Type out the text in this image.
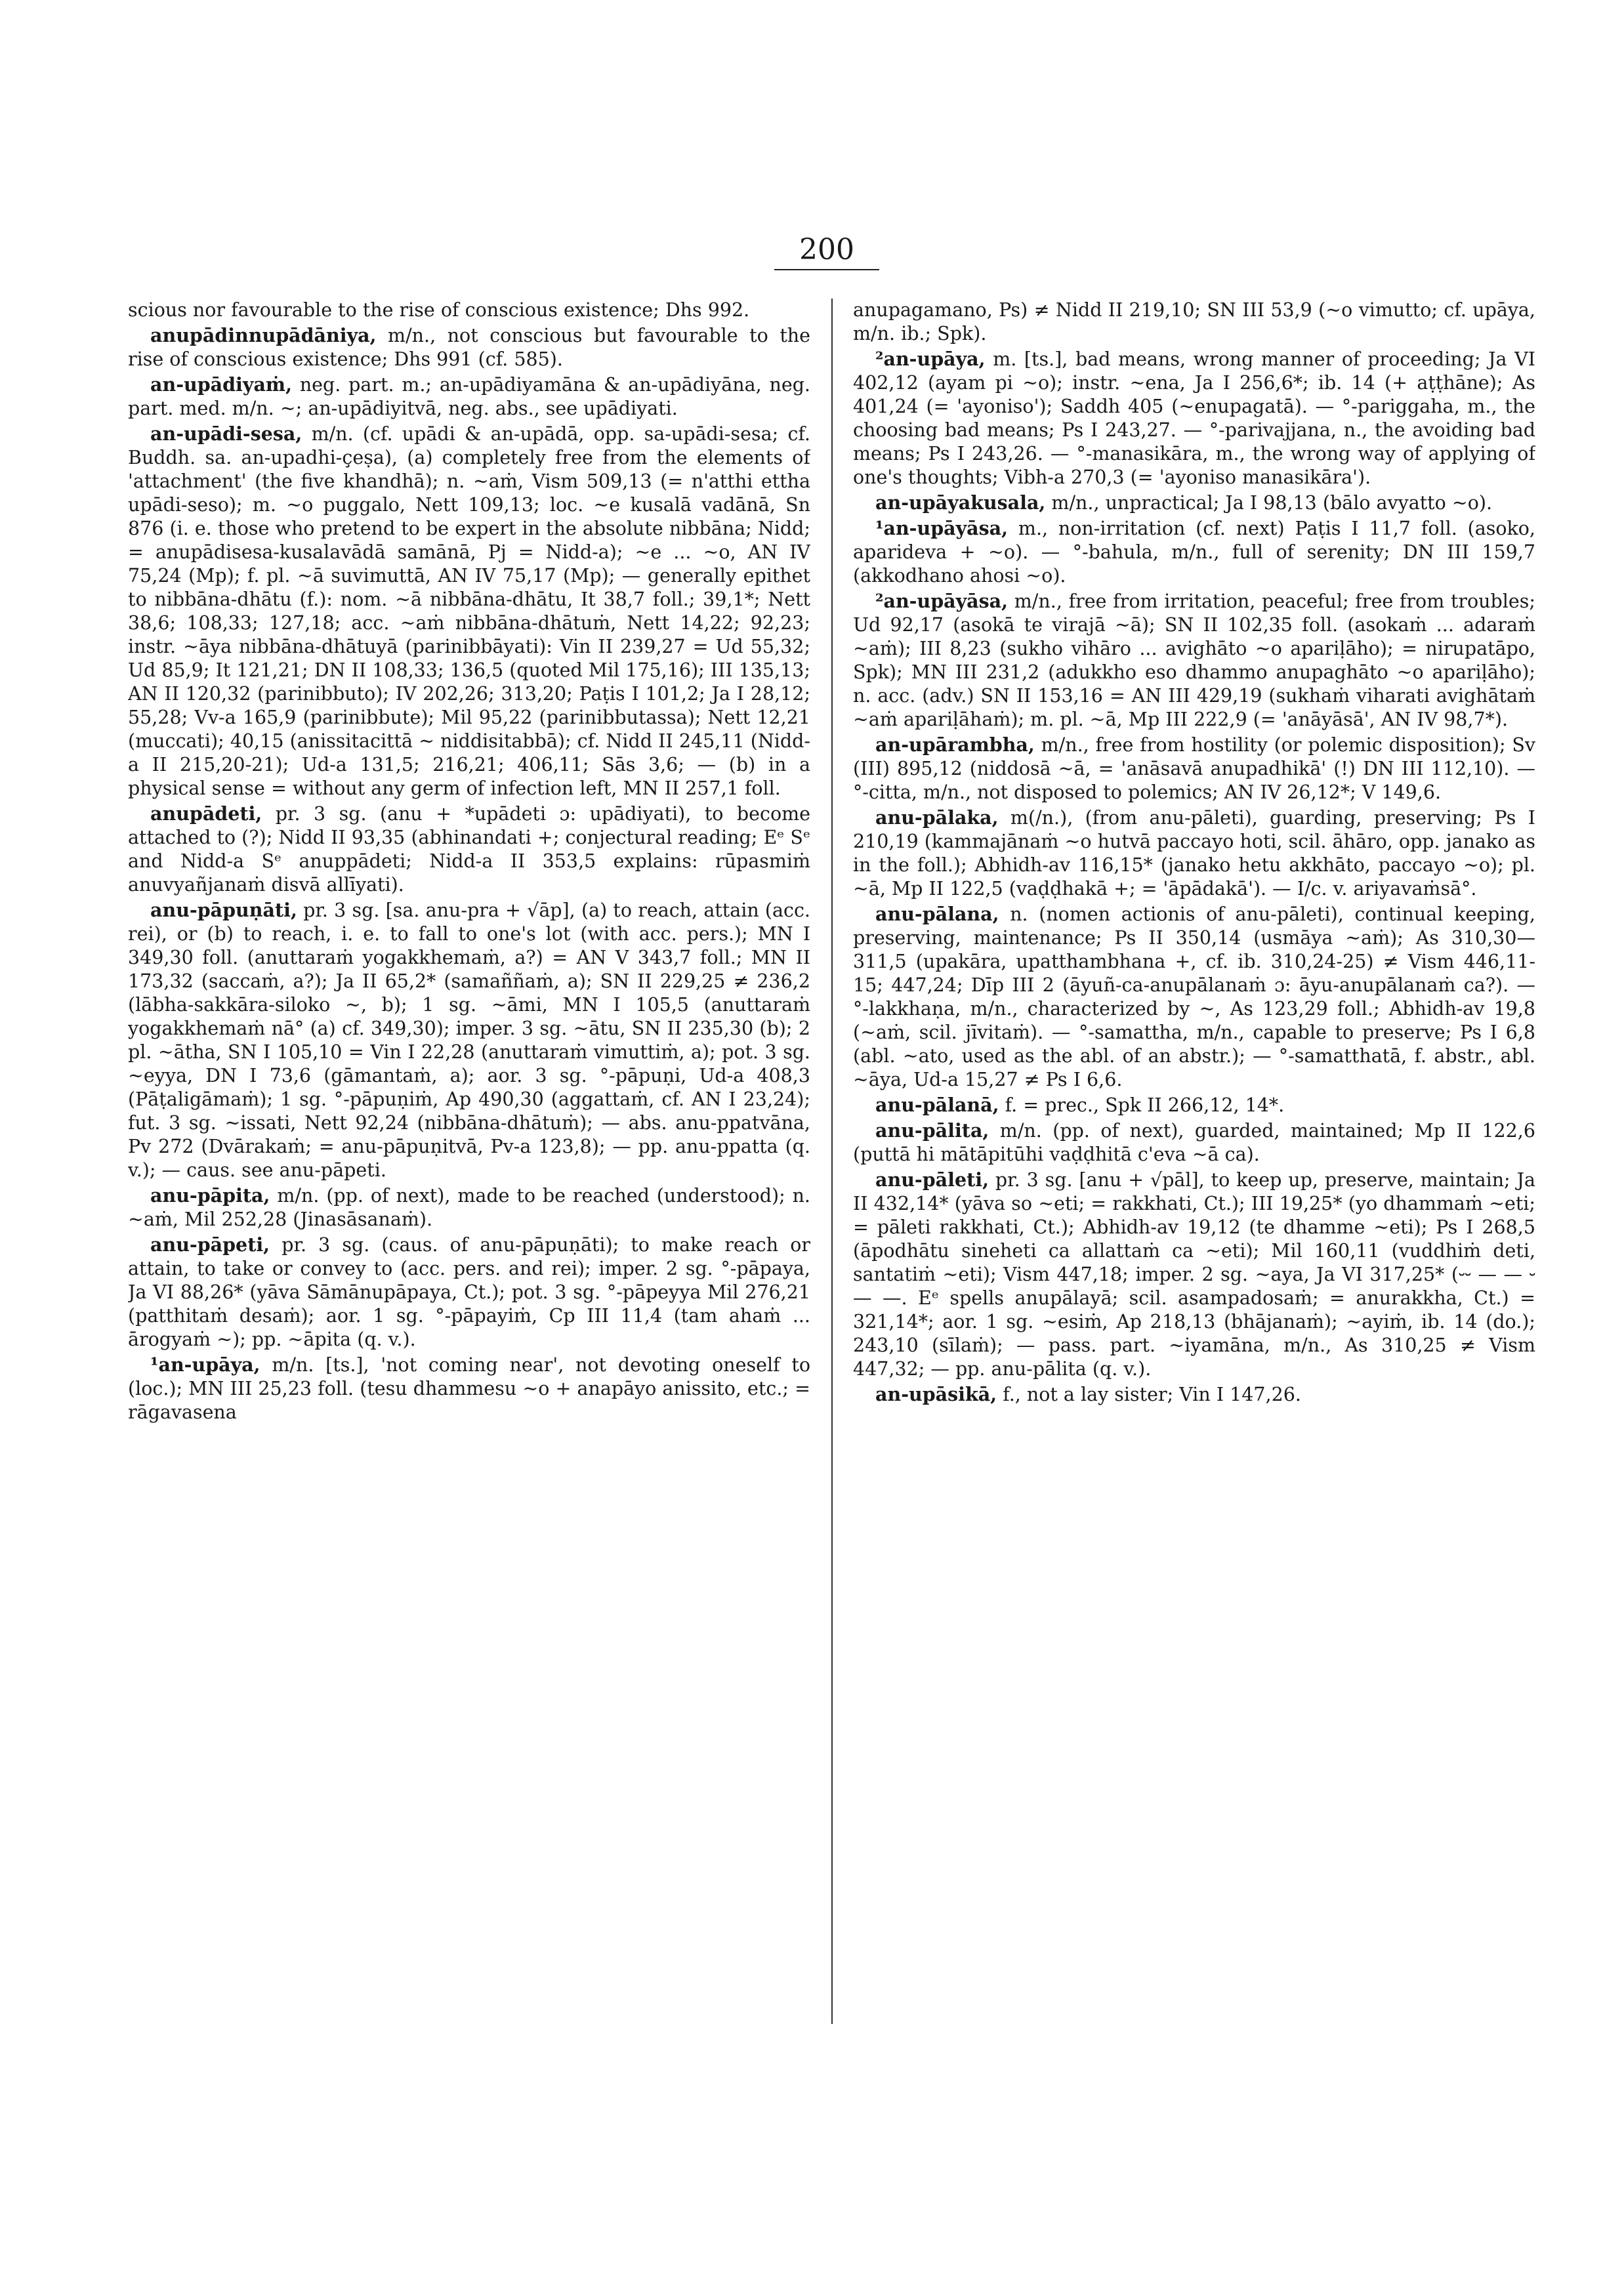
200

scious nor favourable to the rise of conscious existence; Dhs 992.

anupādinnupādāniya, m/n., not conscious but favourable to the rise of conscious existence; Dhs 991 (cf. 585).

an-upādiyaṁ, neg. part. m.; an-upādiyamāna & an-upādiyāna, neg. part. med. m/n. ~; an-upādiyitvā, neg. abs., see upādiyati.

an-upādi-sesa, m/n. (cf. upādi & an-upādā, opp. sa-upādi-sesa; cf. Buddh. sa. an-upadhi-çeṣa), (a) completely free from the elements of 'attachment' (the five khandhā); n. ~aṁ, Vism 509,13 (= n'atthi ettha upādi-seso); m. ~o puggalo, Nett 109,13; loc. ~e kusalā vadānā, Sn 876 (i. e. those who pretend to be expert in the absolute nibbāna; Nidd; = anupādisesa-kusalavādā samānā, Pj = Nidd-a); ~e ... ~o, AN IV 75,24 (Mp); f. pl. ~ā suvimuttā, AN IV 75,17 (Mp); — generally epithet to nibbāna-dhātu (f.): nom. ~ā nibbāna-dhātu, It 38,7 foll.; 39,1*; Nett 38,6; 108,33; 127,18; acc. ~aṁ nibbāna-dhātuṁ, Nett 14,22; 92,23; instr. ~āya nibbāna-dhātuyā (parinibbāyati): Vin II 239,27 = Ud 55,32; Ud 85,9; It 121,21; DN II 108,33; 136,5 (quoted Mil 175,16); III 135,13; AN II 120,32 (parinibbuto); IV 202,26; 313,20; Paṭis I 101,2; Ja I 28,12; 55,28; Vv-a 165,9 (parinibbute); Mil 95,22 (parinibbutassa); Nett 12,21 (muccati); 40,15 (anissitacittā ~ niddisitabbā); cf. Nidd II 245,11 (Nidd-a II 215,20-21); Ud-a 131,5; 216,21; 406,11; Sās 3,6; — (b) in a physical sense = without any germ of infection left, MN II 257,1 foll.

anupādeti, pr. 3 sg. (anu + *upādeti ɔ: upādiyati), to become attached to (?); Nidd II 93,35 (abhinandati +; conjectural reading; Eᵉ Sᵉ and Nidd-a Sᵉ anuppādeti; Nidd-a II 353,5 explains: rūpasmiṁ anuvyañjanaṁ disvā allīyati).

anu-pāpuṇāti, pr. 3 sg. [sa. anu-pra + √āp], (a) to reach, attain (acc. rei), or (b) to reach, i. e. to fall to one's lot (with acc. pers.); MN I 349,30 foll. (anuttaraṁ yogakkhemaṁ, a?) = AN V 343,7 foll.; MN II 173,32 (saccaṁ, a?); Ja II 65,2* (samaññaṁ, a); SN II 229,25 ≠ 236,2 (lābha-sakkāra-siloko ~, b); 1 sg. ~āmi, MN I 105,5 (anuttaraṁ yogakkhemaṁ nā° (a) cf. 349,30); imper. 3 sg. ~ātu, SN II 235,30 (b); 2 pl. ~ātha, SN I 105,10 = Vin I 22,28 (anuttaraṁ vimuttiṁ, a); pot. 3 sg. ~eyya, DN I 73,6 (gāmantaṁ, a); aor. 3 sg. °-pāpuṇi, Ud-a 408,3 (Pāṭaligāmaṁ); 1 sg. °-pāpuṇiṁ, Ap 490,30 (aggattaṁ, cf. AN I 23,24); fut. 3 sg. ~issati, Nett 92,24 (nibbāna-dhātuṁ); — abs. anu-ppatvāna, Pv 272 (Dvārakaṁ; = anu-pāpuṇitvā, Pv-a 123,8); — pp. anu-ppatta (q. v.); — caus. see anu-pāpeti.

anu-pāpita, m/n. (pp. of next), made to be reached (understood); n. ~aṁ, Mil 252,28 (Jinasāsanaṁ).

anu-pāpeti, pr. 3 sg. (caus. of anu-pāpuṇāti); to make reach or attain, to take or convey to (acc. pers. and rei); imper. 2 sg. °-pāpaya, Ja VI 88,26* (yāva Sāmānupāpaya, Ct.); pot. 3 sg. °-pāpeyya Mil 276,21 (patthitaṁ desaṁ); aor. 1 sg. °-pāpayiṁ, Cp III 11,4 (tam ahaṁ ... ārogyaṁ ~); pp. ~āpita (q. v.).

¹an-upāya, m/n. [ts.], 'not coming near', not devoting oneself to (loc.); MN III 25,23 foll. (tesu dhammesu ~o + anapāyo anissito, etc.; = rāgavasena

anupagamano, Ps) ≠ Nidd II 219,10; SN III 53,9 (~o vimutto; cf. upāya, m/n. ib.; Spk).

²an-upāya, m. [ts.], bad means, wrong manner of proceeding; Ja VI 402,12 (ayam pi ~o); instr. ~ena, Ja I 256,6*; ib. 14 (+ aṭṭhāne); As 401,24 (= 'ayoniso'); Saddh 405 (~enupagatā). — °-pariggaha, m., the choosing bad means; Ps I 243,27. — °-parivajjana, n., the avoiding bad means; Ps I 243,26. — °-manasikāra, m., the wrong way of applying of one's thoughts; Vibh-a 270,3 (= 'ayoniso manasikāra').

an-upāyakusala, m/n., unpractical; Ja I 98,13 (bālo avyatto ~o).

¹an-upāyāsa, m., non-irritation (cf. next) Paṭis I 11,7 foll. (asoko, aparideva + ~o). — °-bahula, m/n., full of serenity; DN III 159,7 (akkodhano ahosi ~o).

²an-upāyāsa, m/n., free from irritation, peaceful; free from troubles; Ud 92,17 (asokā te virajā ~ā); SN II 102,35 foll. (asokaṁ ... adaraṁ ~aṁ); III 8,23 (sukho vihāro ... avighāto ~o apariḷāho); = nirupatāpo, Spk); MN III 231,2 (adukkho eso dhammo anupaghāto ~o apariḷāho); n. acc. (adv.) SN II 153,16 = AN III 429,19 (sukhaṁ viharati avighātaṁ ~aṁ apariḷāhaṁ); m. pl. ~ā, Mp III 222,9 (= 'anāyāsā', AN IV 98,7*).

an-upārambha, m/n., free from hostility (or polemic disposition); Sv (III) 895,12 (niddosā ~ā, = 'anāsavā anupadhikā' (!) DN III 112,10). — °-citta, m/n., not disposed to polemics; AN IV 26,12*; V 149,6.

anu-pālaka, m(/n.), (from anu-pāleti), guarding, preserving; Ps I 210,19 (kammajānaṁ ~o hutvā paccayo hoti, scil. āhāro, opp. janako as in the foll.); Abhidh-av 116,15* (janako hetu akkhāto, paccayo ~o); pl. ~ā, Mp II 122,5 (vaḍḍhakā +; = 'āpādakā'). — I/c. v. ariyavaṁsā°.

anu-pālana, n. (nomen actionis of anu-pāleti), continual keeping, preserving, maintenance; Ps II 350,14 (usmāya ~aṁ); As 310,30—311,5 (upakāra, upatthambhana +, cf. ib. 310,24-25) ≠ Vism 446,11-15; 447,24; Dīp III 2 (āyuñ-ca-anupālanaṁ ɔ: āyu-anupālanaṁ ca?). — °-lakkhaṇa, m/n., characterized by ~, As 123,29 foll.; Abhidh-av 19,8 (~aṁ, scil. jīvitaṁ). — °-samattha, m/n., capable to preserve; Ps I 6,8 (abl. ~ato, used as the abl. of an abstr.); — °-samatthatā, f. abstr., abl. ~āya, Ud-a 15,27 ≠ Ps I 6,6.

anu-pālanā, f. = prec., Spk II 266,12, 14*.

anu-pālita, m/n. (pp. of next), guarded, maintained; Mp II 122,6 (puttā hi mātāpitūhi vaḍḍhitā c'eva ~ā ca).

anu-pāleti, pr. 3 sg. [anu + √pāl], to keep up, preserve, maintain; Ja II 432,14* (yāva so ~eti; = rakkhati, Ct.); III 19,25* (yo dhammaṁ ~eti; = pāleti rakkhati, Ct.); Abhidh-av 19,12 (te dhamme ~eti); Ps I 268,5 (āpodhātu sineheti ca allattaṁ ca ~eti); Mil 160,11 (vuddhiṁ deti, santatiṁ ~eti); Vism 447,18; imper. 2 sg. ~aya, Ja VI 317,25* (⏑⏑ — — ⏑ — —. Eᵉ spells anupālayā; scil. asampadosaṁ; = anurakkha, Ct.) = 321,14*; aor. 1 sg. ~esiṁ, Ap 218,13 (bhājanaṁ); ~ayiṁ, ib. 14 (do.); 243,10 (sīlaṁ); — pass. part. ~iyamāna, m/n., As 310,25 ≠ Vism 447,32; — pp. anu-pālita (q. v.).

an-upāsikā, f., not a lay sister; Vin I 147,26.
